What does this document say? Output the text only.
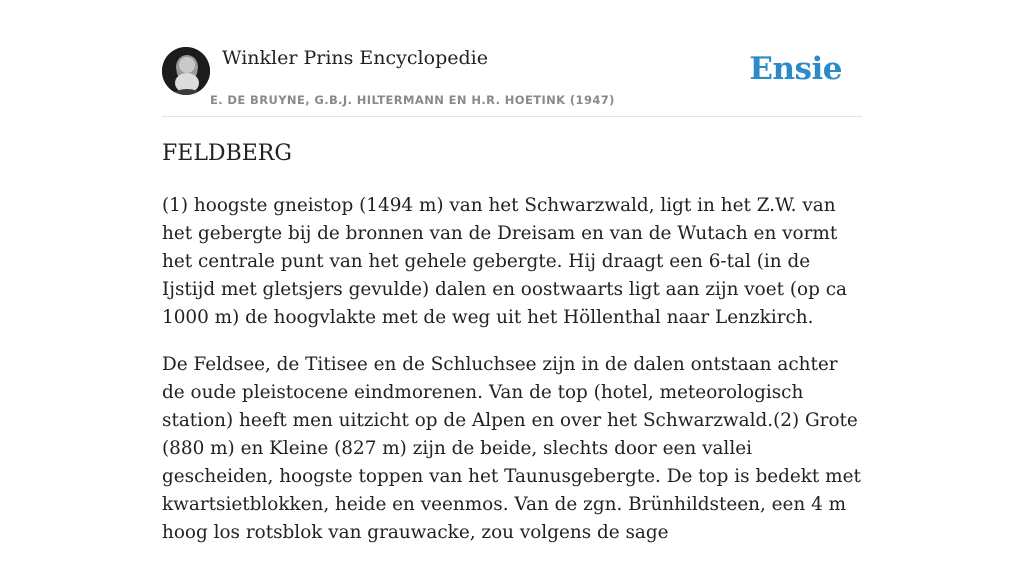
Winkler Prins Encyclopedie
E. DE BRUYNE, G.B.J. HILTERMANN EN H.R. HOETINK (1947)
Ensie
FELDBERG

(1) hoogste gneistop (1494 m) van het Schwarzwald, ligt in het Z.W. van het gebergte bij de bronnen van de Dreisam en van de Wutach en vormt het centrale punt van het gehele gebergte. Hij draagt een 6-tal (in de Ijstijd met gletsjers gevulde) dalen en oostwaarts ligt aan zijn voet (op ca 1000 m) de hoogvlakte met de weg uit het Höllenthal naar Lenzkirch.

De Feldsee, de Titisee en de Schluchsee zijn in de dalen ontstaan achter de oude pleistocene eindmorenen. Van de top (hotel, meteorologisch station) heeft men uitzicht op de Alpen en over het Schwarzwald.(2) Grote (880 m) en Kleine (827 m) zijn de beide, slechts door een vallei gescheiden, hoogste toppen van het Taunusgebergte. De top is bedekt met kwartsietblokken, heide en veenmos. Van de zgn. Brünhildsteen, een 4 m hoog los rotsblok van grauwacke, zou volgens de sage
